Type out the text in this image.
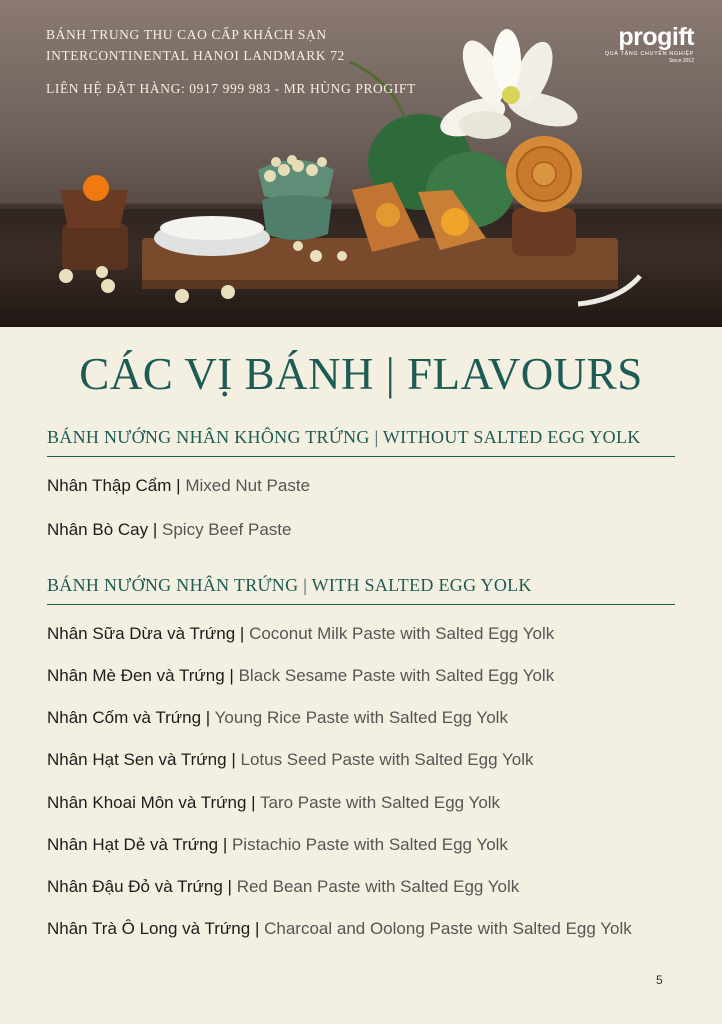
BÁNH TRUNG THU CAO CẤP KHÁCH SẠN
INTERCONTINENTAL HANOI LANDMARK 72
LIÊN HỆ ĐẶT HÀNG: 0917 999 983 - MR HÙNG PROGIFT
progift
QUÀ TẶNG CHUYÊN NGHIỆP
Since 2012
CÁC VỊ BÁNH | FLAVOURS
BÁNH NƯỚNG NHÂN KHÔNG TRỨNG | WITHOUT SALTED EGG YOLK
Nhân Thập Cẩm | Mixed Nut Paste
Nhân Bò Cay | Spicy Beef Paste
BÁNH NƯỚNG NHÂN TRỨNG | WITH SALTED EGG YOLK
Nhân Sữa Dừa và Trứng | Coconut Milk Paste with Salted Egg Yolk
Nhân Mè Đen và Trứng | Black Sesame Paste with Salted Egg Yolk
Nhân Cốm và Trứng | Young Rice Paste with Salted Egg Yolk
Nhân Hạt Sen và Trứng | Lotus Seed Paste with Salted Egg Yolk
Nhân Khoai Môn và Trứng | Taro Paste with Salted Egg Yolk
Nhân Hạt Dẻ và Trứng | Pistachio Paste with Salted Egg Yolk
Nhân Đậu Đỏ và Trứng | Red Bean Paste with Salted Egg Yolk
Nhân Trà Ô Long và Trứng | Charcoal and Oolong Paste with Salted Egg Yolk
5
